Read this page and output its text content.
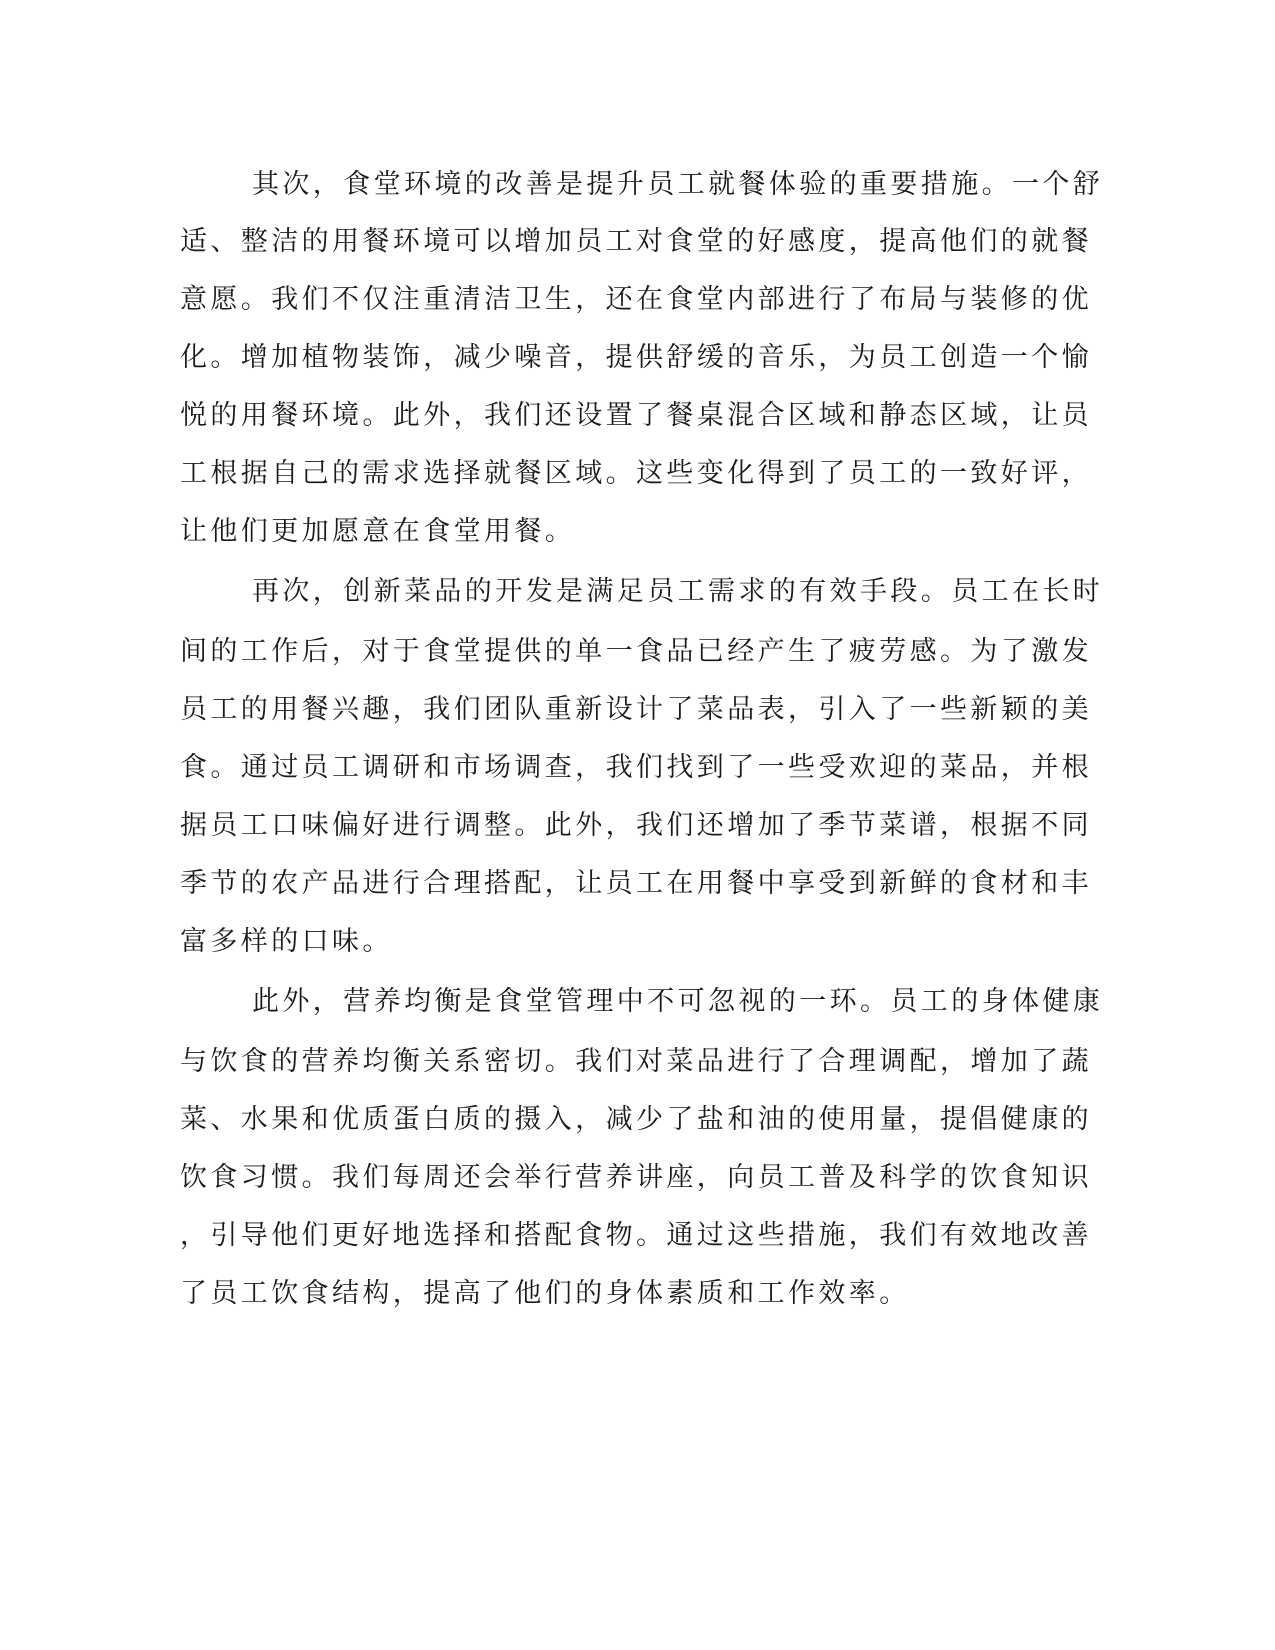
其次，食堂环境的改善是提升员工就餐体验的重要措施。一个舒
适、整洁的用餐环境可以增加员工对食堂的好感度，提高他们的就餐
意愿。我们不仅注重清洁卫生，还在食堂内部进行了布局与装修的优
化。增加植物装饰，减少噪音，提供舒缓的音乐，为员工创造一个愉
悦的用餐环境。此外，我们还设置了餐桌混合区域和静态区域，让员
工根据自己的需求选择就餐区域。这些变化得到了员工的一致好评，
让他们更加愿意在食堂用餐。
再次，创新菜品的开发是满足员工需求的有效手段。员工在长时
间的工作后，对于食堂提供的单一食品已经产生了疲劳感。为了激发
员工的用餐兴趣，我们团队重新设计了菜品表，引入了一些新颖的美
食。通过员工调研和市场调查，我们找到了一些受欢迎的菜品，并根
据员工口味偏好进行调整。此外，我们还增加了季节菜谱，根据不同
季节的农产品进行合理搭配，让员工在用餐中享受到新鲜的食材和丰
富多样的口味。
此外，营养均衡是食堂管理中不可忽视的一环。员工的身体健康
与饮食的营养均衡关系密切。我们对菜品进行了合理调配，增加了蔬
菜、水果和优质蛋白质的摄入，减少了盐和油的使用量，提倡健康的
饮食习惯。我们每周还会举行营养讲座，向员工普及科学的饮食知识
，引导他们更好地选择和搭配食物。通过这些措施，我们有效地改善
了员工饮食结构，提高了他们的身体素质和工作效率。
